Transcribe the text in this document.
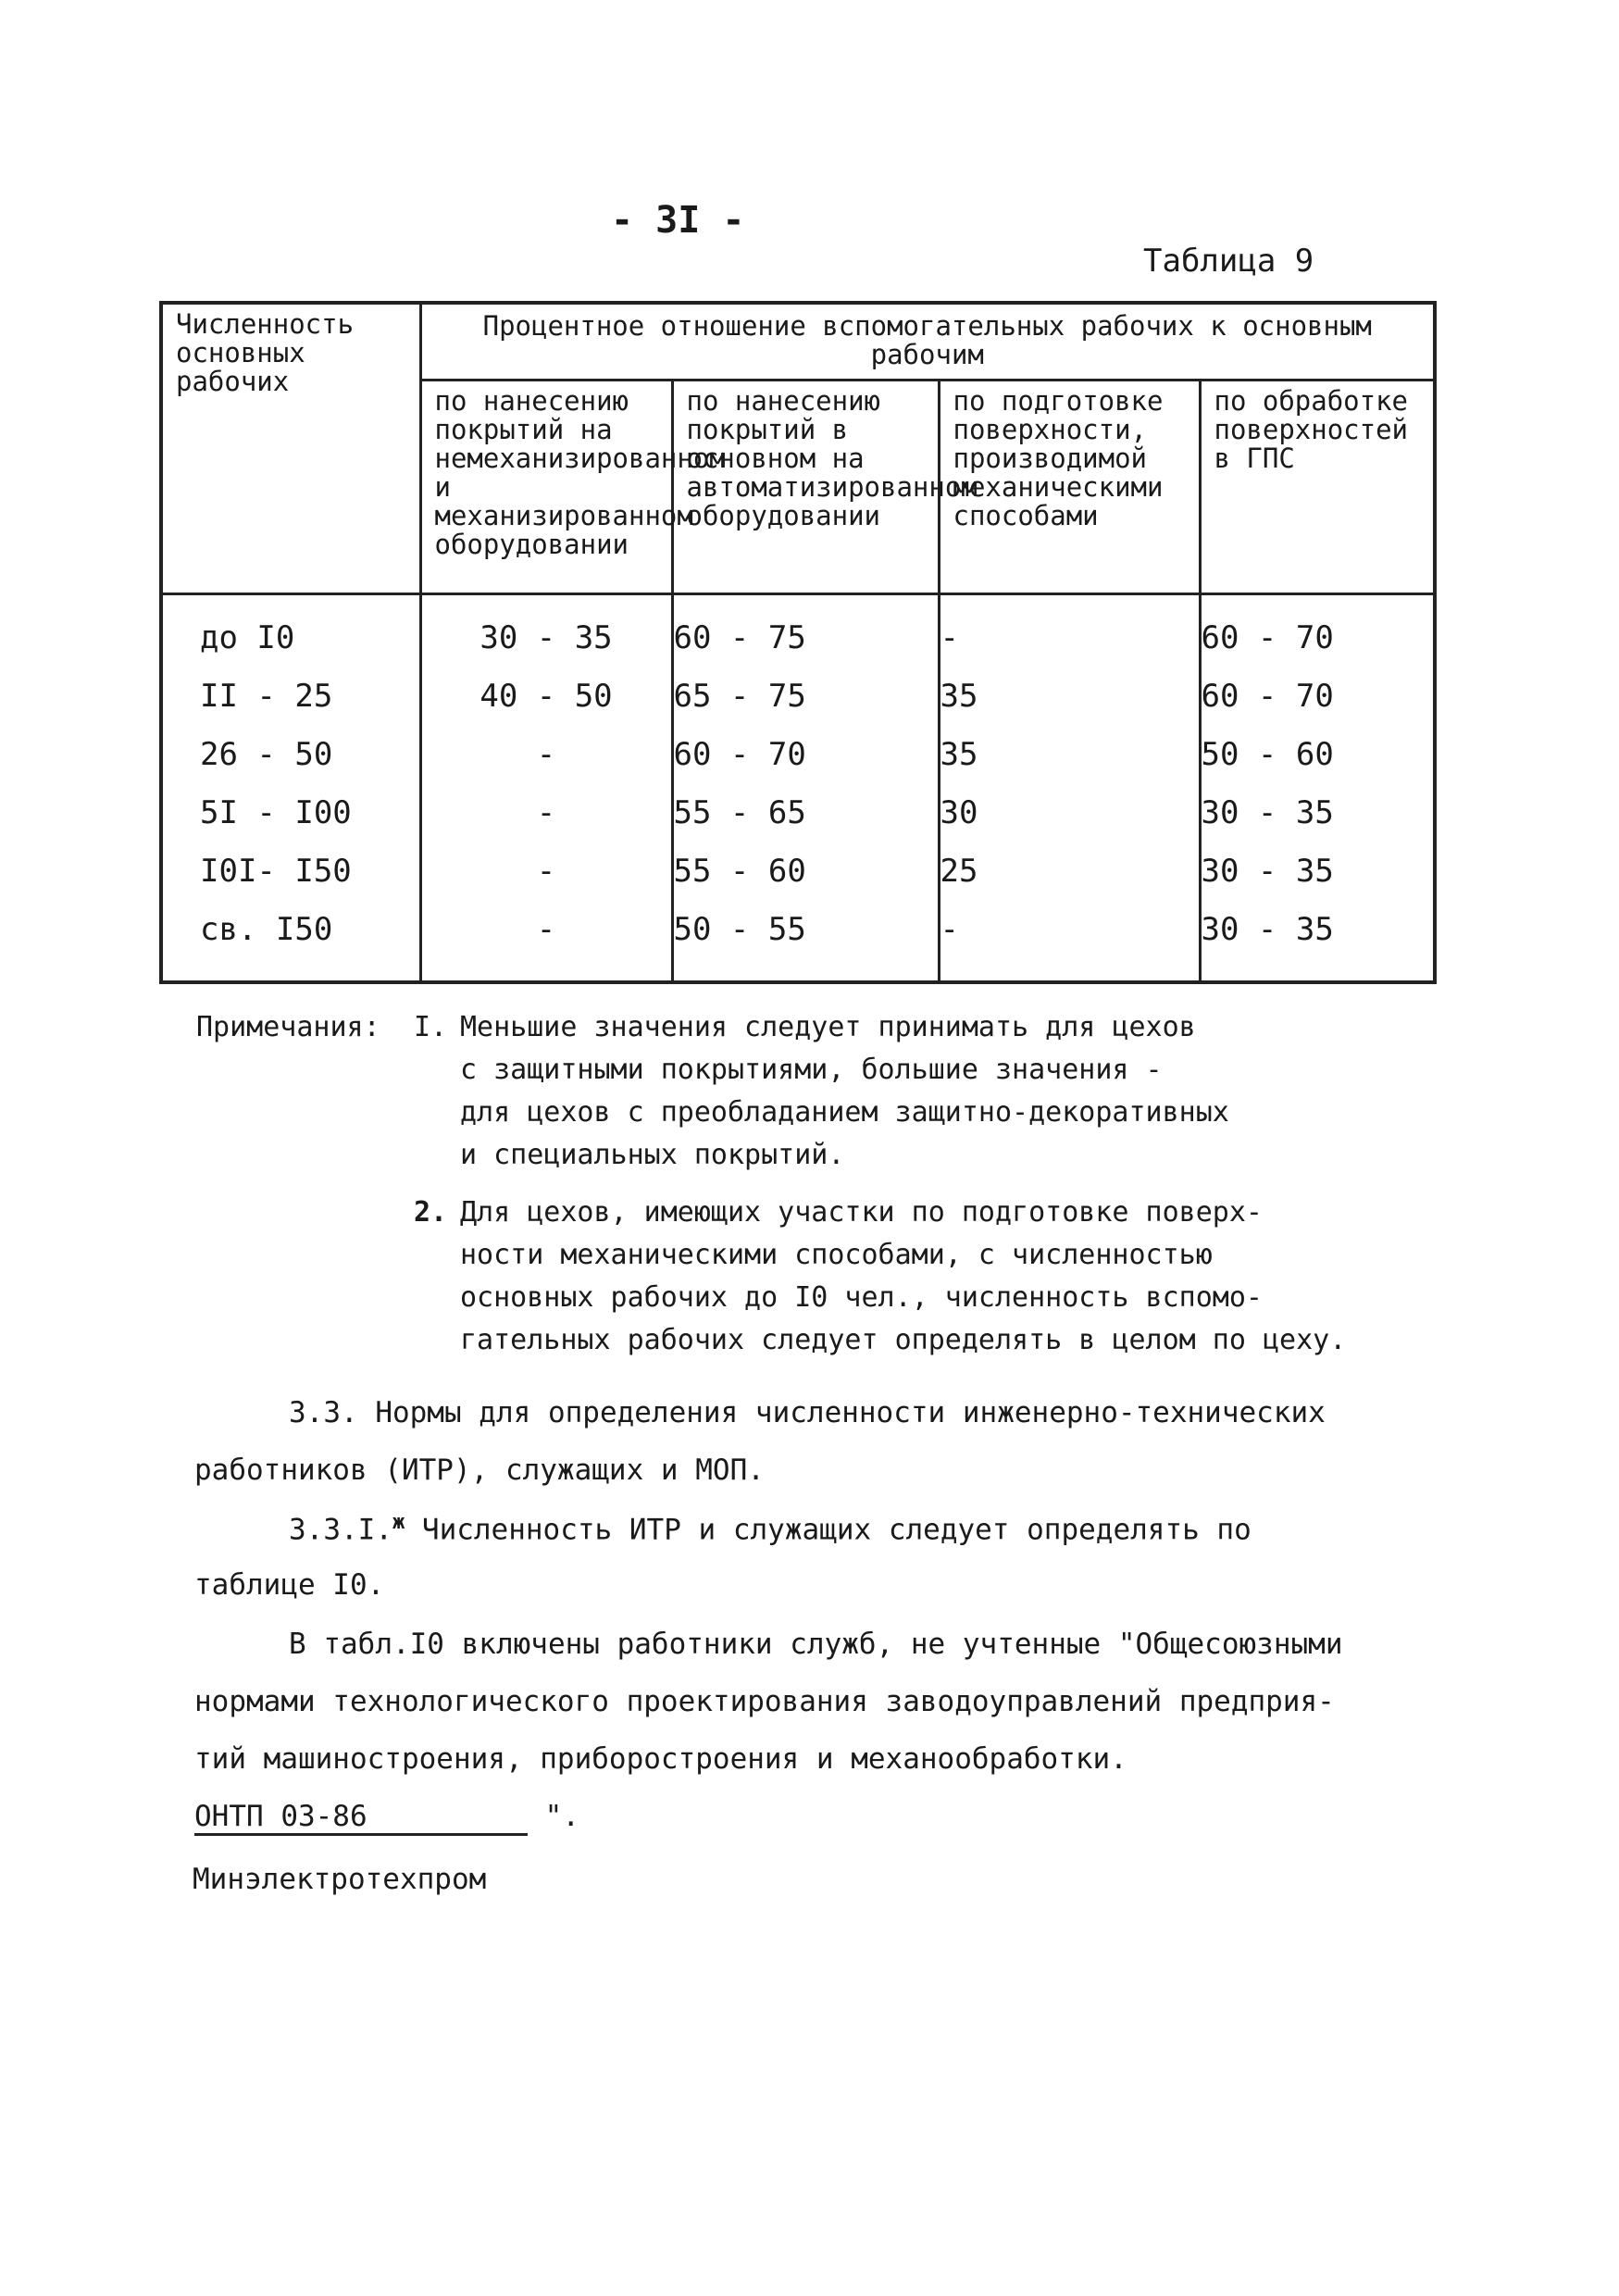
- 3I -
Таблица 9
Численность основных рабочих	Процентное отношение вспомогательных рабочих к основным рабочим			

	по нанесению покрытий на немеханизированном и механизированном оборудовании	по нанесению покрытий в основном на автоматизированном оборудовании	по подготовке поверхности, производимой механическими способами	по обработке поверхностей в ГПС

до I0	30 - 35	60 - 75	-	60 - 70
II - 25	40 - 50	65 - 75	35	60 - 70
26 - 50	-	60 - 70	35	50 - 60
5I - I00	-	55 - 65	30	30 - 35
I0I- I50	-	55 - 60	25	30 - 35
св. I50	-	50 - 55	-	30 - 35
Примечания: I. Меньшие значения следует принимать для цехов
с защитными покрытиями, большие значения -
для цехов с преобладанием защитно-декоративных
и специальных покрытий.
2. Для цехов, имеющих участки по подготовке поверх-
ности механическими способами, с численностью
основных рабочих до I0 чел., численность вспомо-
гательных рабочих следует определять в целом по цеху.
3.3. Нормы для определения численности инженерно-технических
работников (ИТР), служащих и МОП.
3.3.I.$^ж$ Численность ИТР и служащих следует определять по
таблице I0.
В табл.I0 включены работники служб, не учтенные "Общесоюзными
нормами технологического проектирования заводоуправлений предприя-
тий машиностроения, приборостроения и механообработки.
ОНТП 03-86	".
Минэлектротехпром
